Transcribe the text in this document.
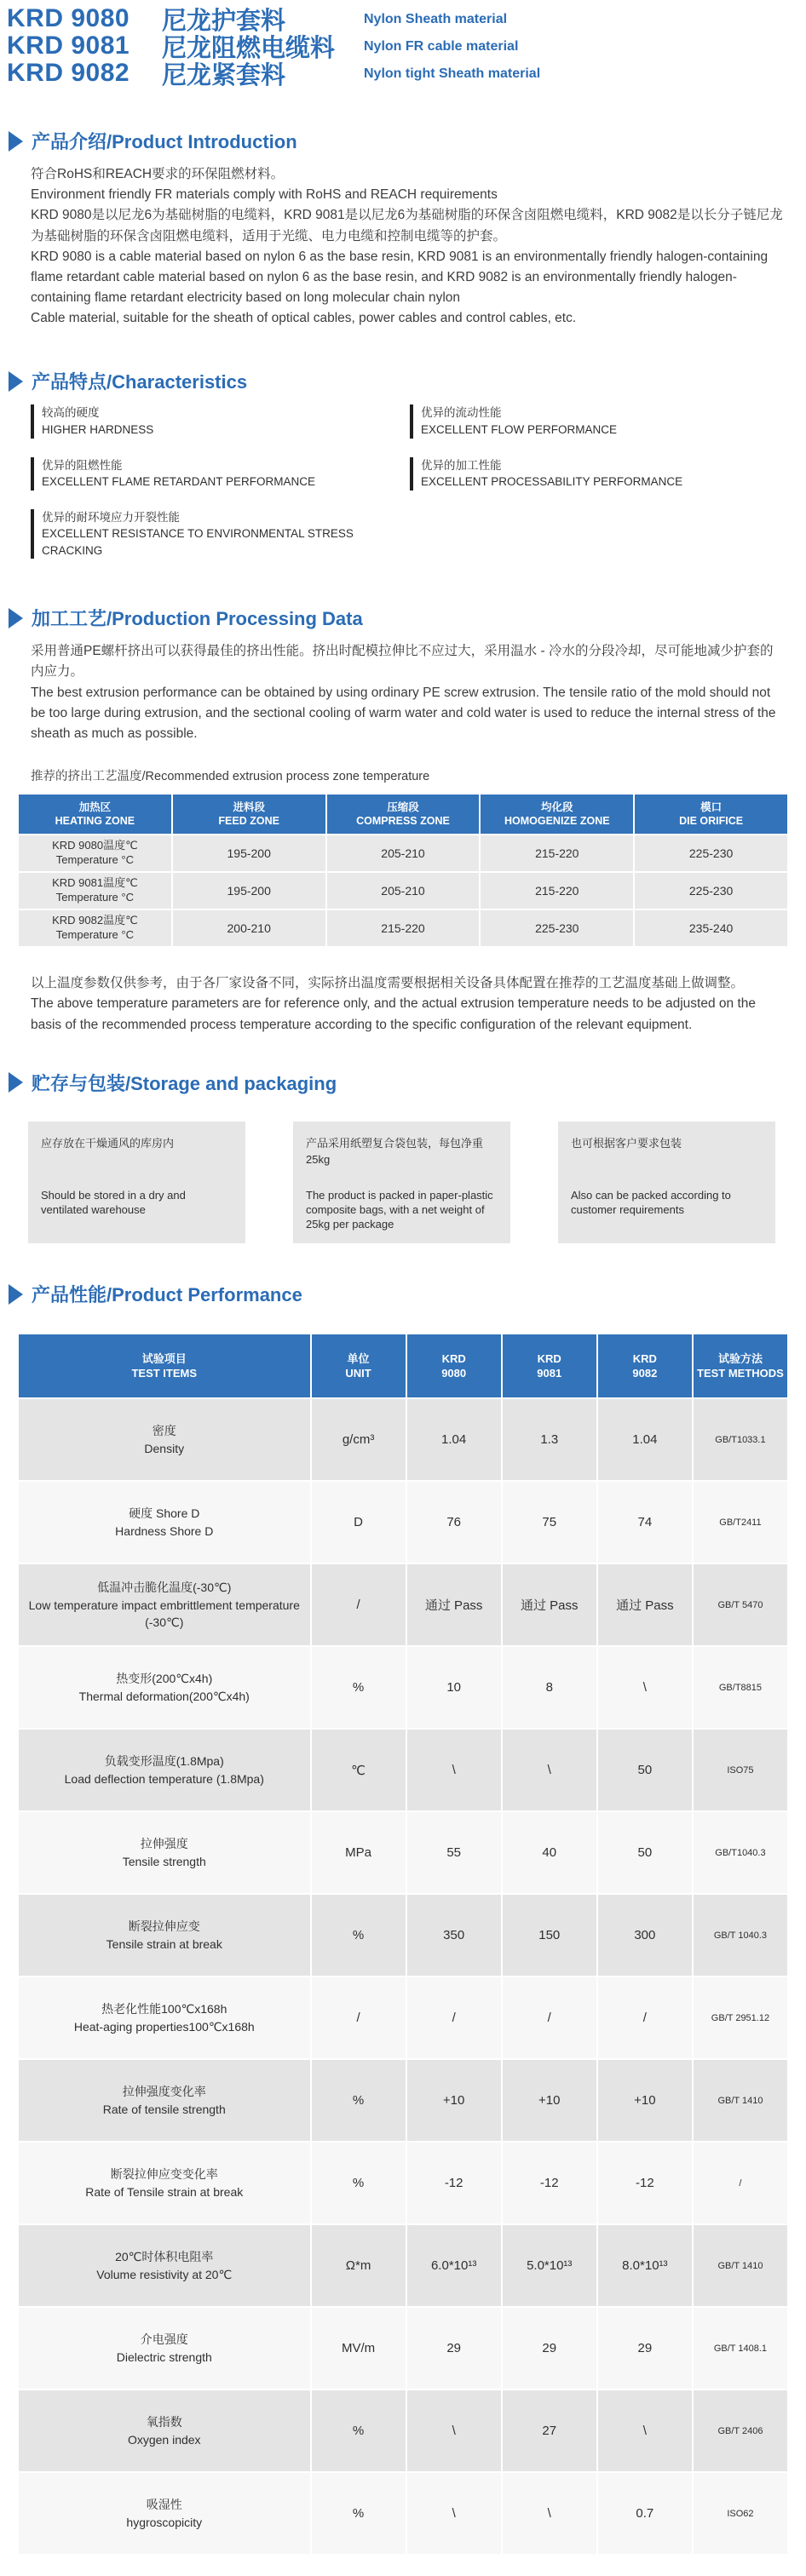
KRD 9080	尼龙护套料	Nylon Sheath material
KRD 9081	尼龙阻燃电缆料	Nylon FR cable material
KRD 9082	尼龙紧套料	Nylon tight Sheath material
产品介绍/Product Introduction

符合RoHS和REACH要求的环保阻燃材料。

Environment friendly FR materials comply with RoHS and REACH requirements

KRD 9080是以尼龙6为基础树脂的电缆料，KRD 9081是以尼龙6为基础树脂的环保含卤阻燃电缆料，KRD 9082是以长分子链尼龙为基础树脂的环保含卤阻燃电缆料，适用于光缆、电力电缆和控制电缆等的护套。

KRD 9080 is a cable material based on nylon 6 as the base resin, KRD 9081 is an environmentally friendly halogen-containing flame retardant cable material based on nylon 6 as the base resin, and KRD 9082 is an environmentally friendly halogen-containing flame retardant electricity based on long molecular chain nylon

Cable material, suitable for the sheath of optical cables, power cables and control cables, etc.

产品特点/Characteristics
较高的硬度
HIGHER HARDNESS
优异的流动性能
EXCELLENT FLOW PERFORMANCE
优异的阻燃性能
EXCELLENT FLAME RETARDANT PERFORMANCE
优异的加工性能
EXCELLENT PROCESSABILITY PERFORMANCE
优异的耐环境应力开裂性能
EXCELLENT RESISTANCE TO ENVIRONMENTAL STRESS CRACKING
加工工艺/Production Processing Data

采用普通PE螺杆挤出可以获得最佳的挤出性能。挤出时配模拉伸比不应过大，采用温水 - 冷水的分段冷却，尽可能地减少护套的内应力。

The best extrusion performance can be obtained by using ordinary PE screw extrusion. The tensile ratio of the mold should not be too large during extrusion, and the sectional cooling of warm water and cold water is used to reduce the internal stress of the sheath as much as possible.

推荐的挤出工艺温度/Recommended extrusion process zone temperature
加热区
HEATING ZONE

进料段
FEED ZONE

压缩段
COMPRESS ZONE

均化段
HOMOGENIZE ZONE

模口
DIE ORIFICE

KRD 9080温度℃
Temperature °C	195-200	205-210	215-220	225-230

KRD 9081温度℃
Temperature °C	195-200	205-210	215-220	225-230

KRD 9082温度℃
Temperature °C	200-210	215-220	225-230	235-240

以上温度参数仅供参考，由于各厂家设备不同，实际挤出温度需要根据相关设备具体配置在推荐的工艺温度基础上做调整。

The above temperature parameters are for reference only, and the actual extrusion temperature needs to be adjusted on the basis of the recommended process temperature according to the specific configuration of the relevant equipment.

贮存与包装/Storage and packaging
应存放在干燥通风的库房内
Should be stored in a dry and ventilated warehouse
产品采用纸塑复合袋包装，每包净重25kg
The product is packed in paper-plastic composite bags, with a net weight of 25kg per package
也可根据客户要求包装
Also can be packed according to customer requirements
产品性能/Product Performance
试验项目
TEST ITEMS

单位
UNIT

KRD
9080

KRD
9081

KRD
9082

试验方法
TEST METHODS

密度
Density	g/cm³	1.04	1.3	1.04	GB/T1033.1

硬度 Shore D
Hardness Shore D	D	76	75	74	GB/T2411

低温冲击脆化温度(-30℃)
Low temperature impact embrittlement temperature (-30℃)	/	通过 Pass	通过 Pass	通过 Pass	GB/T 5470

热变形(200℃x4h)
Thermal deformation(200℃x4h)	%	10	8	\	GB/T8815

负载变形温度(1.8Mpa)
Load deflection temperature (1.8Mpa)	℃	\	\	50	ISO75

拉伸强度
Tensile strength	MPa	55	40	50	GB/T1040.3

断裂拉伸应变
Tensile strain at break	%	350	150	300	GB/T 1040.3

热老化性能100℃x168h
Heat-aging properties100℃x168h	/	/	/	/	GB/T 2951.12

拉伸强度变化率
Rate of tensile strength	%	+10	+10	+10	GB/T 1410

断裂拉伸应变变化率
Rate of Tensile strain at break	%	-12	-12	-12	/

20℃时体积电阻率
Volume resistivity at 20℃	Ω*m	6.0*10¹³	5.0*10¹³	8.0*10¹³	GB/T 1410

介电强度
Dielectric strength	MV/m	29	29	29	GB/T 1408.1

氧指数
Oxygen index	%	\	27	\	GB/T 2406

吸湿性
hygroscopicity	%	\	\	0.7	ISO62
